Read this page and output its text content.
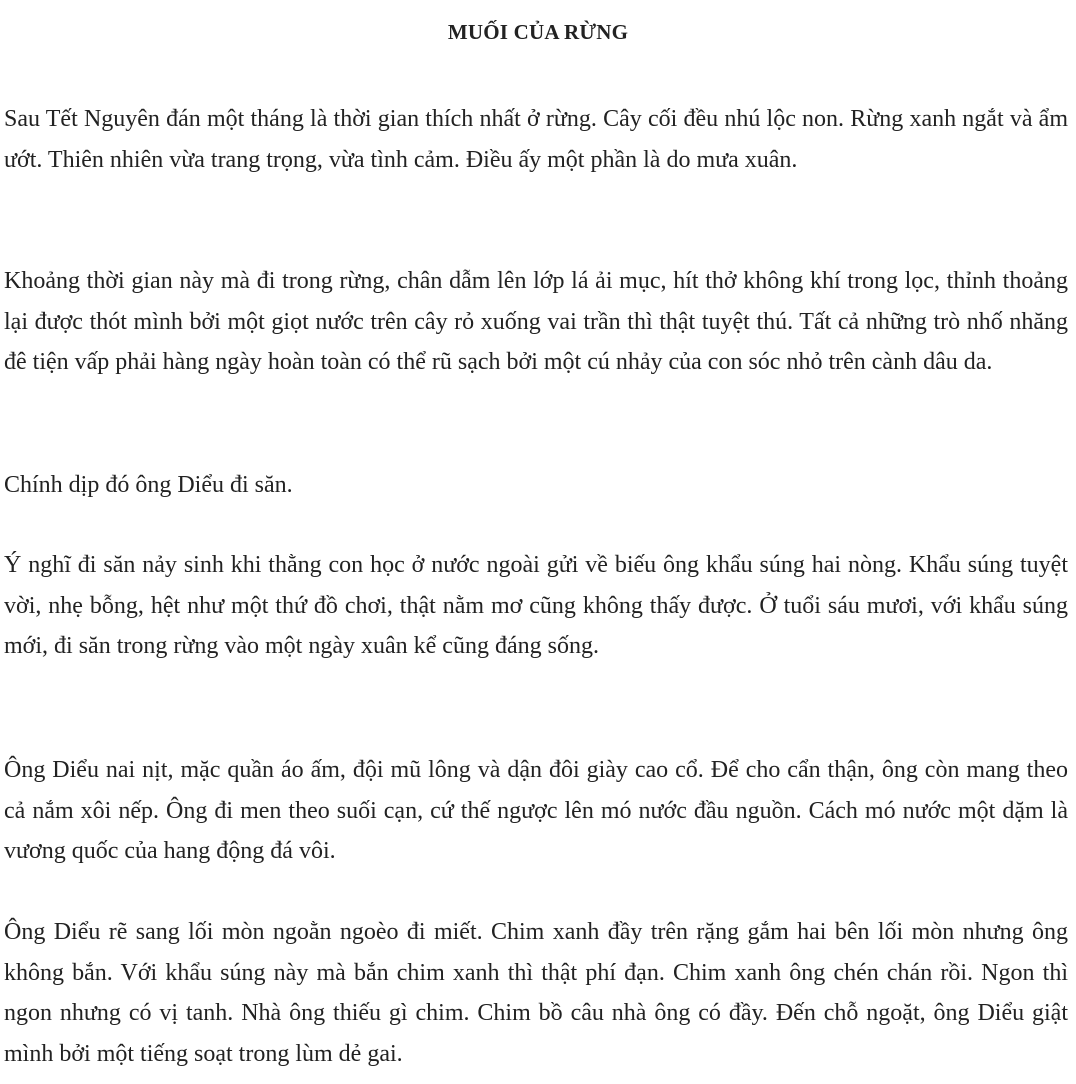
MUỐI CỦA RỪNG

Sau Tết Nguyên đán một tháng là thời gian thích nhất ở rừng. Cây cối đều nhú lộc non. Rừng xanh ngắt và ẩm ướt. Thiên nhiên vừa trang trọng, vừa tình cảm. Điều ấy một phần là do mưa xuân.

Khoảng thời gian này mà đi trong rừng, chân dẫm lên lớp lá ải mục, hít thở không khí trong lọc, thỉnh thoảng lại được thót mình bởi một giọt nước trên cây rỏ xuống vai trần thì thật tuyệt thú. Tất cả những trò nhố nhăng đê tiện vấp phải hàng ngày hoàn toàn có thể rũ sạch bởi một cú nhảy của con sóc nhỏ trên cành dâu da.

Chính dịp đó ông Diểu đi săn.

Ý nghĩ đi săn nảy sinh khi thằng con học ở nước ngoài gửi về biếu ông khẩu súng hai nòng. Khẩu súng tuyệt vời, nhẹ bỗng, hệt như một thứ đồ chơi, thật nằm mơ cũng không thấy được. Ở tuổi sáu mươi, với khẩu súng mới, đi săn trong rừng vào một ngày xuân kể cũng đáng sống.

Ông Diểu nai nịt, mặc quần áo ấm, đội mũ lông và dận đôi giày cao cổ. Để cho cẩn thận, ông còn mang theo cả nắm xôi nếp. Ông đi men theo suối cạn, cứ thế ngược lên mó nước đầu nguồn. Cách mó nước một dặm là vương quốc của hang động đá vôi.

Ông Diểu rẽ sang lối mòn ngoằn ngoèo đi miết. Chim xanh đầy trên rặng gắm hai bên lối mòn nhưng ông không bắn. Với khẩu súng này mà bắn chim xanh thì thật phí đạn. Chim xanh ông chén chán rồi. Ngon thì ngon nhưng có vị tanh. Nhà ông thiếu gì chim. Chim bồ câu nhà ông có đầy. Đến chỗ ngoặt, ông Diểu giật mình bởi một tiếng soạt trong lùm dẻ gai.
